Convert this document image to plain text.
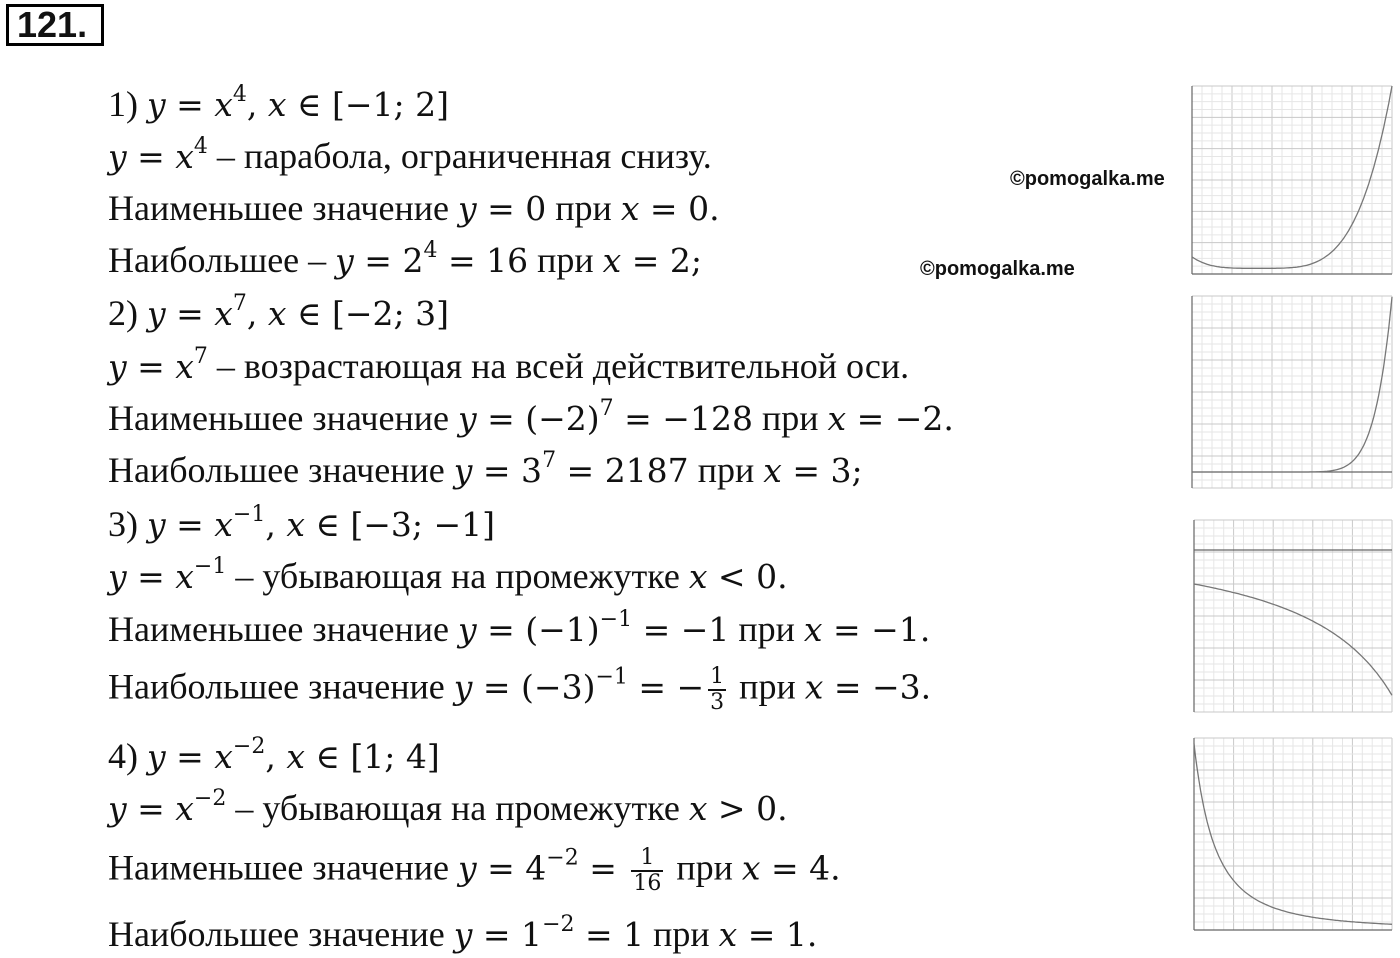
121.
1) $y = x^4$, x ∈ [−1; 2]
$y = x^4$ – парабола, ограниченная снизу.
Наименьшее значение y = 0 при x = 0.
Наибольшее – $y = 2^4 = 16$ при x = 2;
2) $y = x^7$, x ∈ [−2; 3]
$y = x^7$ – возрастающая на всей действительной оси.
Наименьшее значение $y = (-2)^7 = -128$ при x = −2.
Наибольшее значение $y = 3^7 = 2187$ при x = 3;
3) $y = x^{-1}$, x ∈ [−3; −1]
$y = x^{-1}$ – убывающая на промежутке x < 0.
Наименьшее значение $y = (-1)^{-1} = -1$ при x = −1.
Наибольшее значение $y = (-3)^{-1}$ = − $\frac{1}{3}$ при x = −3.
4) $y = x^{-2}$, x ∈ [1; 4]
$y = x^{-2}$ – убывающая на промежутке x > 0.
Наименьшее значение $y = 4^{-2} = \frac{1}{16}$ при x = 4.
Наибольшее значение $y = 1^{-2} = 1$ при x = 1.
©pomogalka.me
©pomogalka.me
